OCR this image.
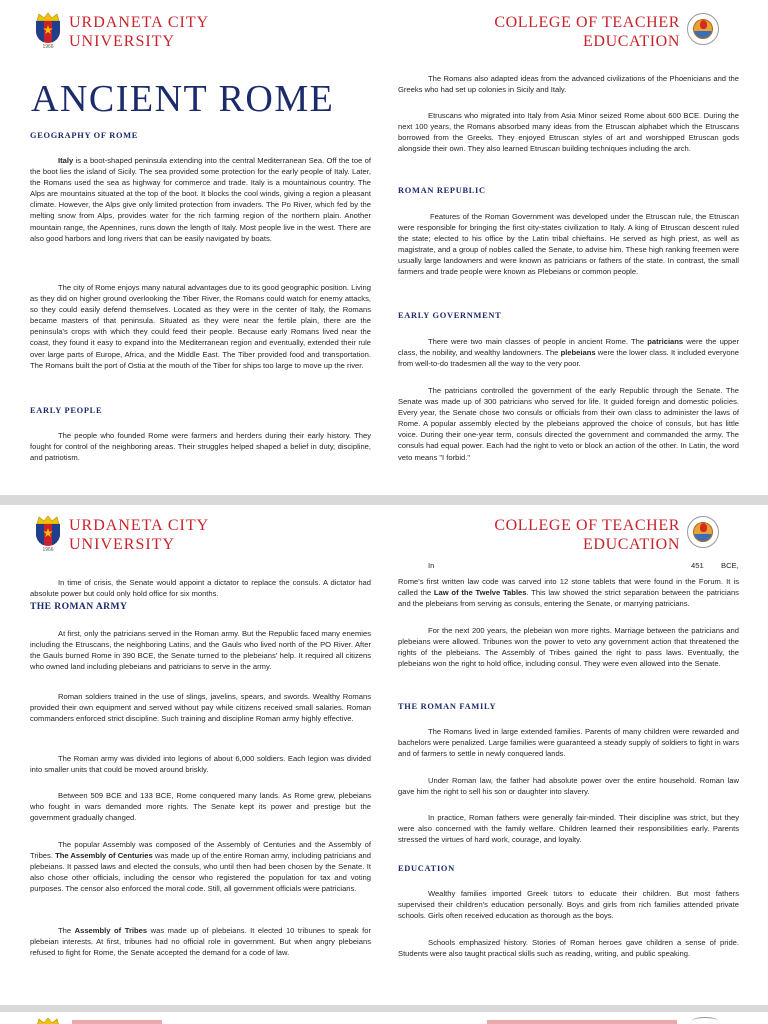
1966
URDANETA CITY
UNIVERSITY
COLLEGE OF TEACHER
EDUCATION
ANCIENT ROME
GEOGRAPHY OF ROME

Italy is a boot-shaped peninsula extending into the central Mediterranean Sea. Off the toe of the boot lies the island of Sicily. The sea provided some protection for the early people of Italy. Later, the Romans used the sea as highway for commerce and trade. Italy is a mountainous country. The Alps are mountains situated at the top of the boot. It blocks the cool winds, giving a region a pleasant climate. However, the Alps give only limited protection from invaders. The Po River, which fed by the melting snow from Alps, provides water for the rich farming region of the northern plain. Another mountain range, the Apennines, runs down the length of Italy. Most people live in the west. There are also good harbors and long rivers that can be easily navigated by boats.

The city of Rome enjoys many natural advantages due to its good geographic position. Living as they did on higher ground overlooking the Tiber River, the Romans could watch for enemy attacks, so they could easily defend themselves. Located as they were in the center of Italy, the Romans became masters of that peninsula. Situated as they were near the fertile plain, there are the peninsula's crops with which they could feed their people. Because early Romans lived near the coast, they found it easy to expand into the Mediterranean region and eventually, extended their rule over large parts of Europe, Africa, and the Middle East. The Tiber provided food and transportation. The Romans built the port of Ostia at the mouth of the Tiber for ships too large to move up the river.

EARLY PEOPLE

The people who founded Rome were farmers and herders during their early history. They fought for control of the neighboring areas. Their struggles helped shaped a belief in duty, discipline, and patriotism.

The Romans also adapted ideas from the advanced civilizations of the Phoenicians and the Greeks who had set up colonies in Sicily and Italy.

Etruscans who migrated into Italy from Asia Minor seized Rome about 600 BCE. During the next 100 years, the Romans absorbed many ideas from the Etruscan alphabet which the Etruscans borrowed from the Greeks. They enjoyed Etruscan styles of art and worshipped Etruscan gods alongside their own. They also learned Etruscan building techniques including the arch.

ROMAN REPUBLIC

Features of the Roman Government was developed under the Etruscan rule, the Etruscan were responsible for bringing the first city-states civilization to Italy. A king of Etruscan descent ruled the state; elected to his office by the Latin tribal chieftains. He served as high priest, as well as magistrate, and a group of nobles called the Senate, to advise him. These high ranking freemen were usually large landowners and were known as patricians or fathers of the state. In contrast, the small farmers and trade people were known as Plebeians or common people.

EARLY GOVERNMENT

There were two main classes of people in ancient Rome. The patricians were the upper class, the nobility, and wealthy landowners. The plebeians were the lower class. It included everyone from well-to-do tradesmen all the way to the very poor.

The patricians controlled the government of the early Republic through the Senate. The Senate was made up of 300 patricians who served for life. It guided foreign and domestic policies. Every year, the Senate chose two consuls or officials from their own class to administer the laws of Rome. A popular assembly elected by the plebeians approved the choice of consuls, but has little voice. During their one-year term, consuls directed the government and commanded the army. The consuls had equal power. Each had the right to veto or block an action of the other. In Latin, the word veto means "I forbid."

1966
URDANETA CITY
UNIVERSITY
COLLEGE OF TEACHER
EDUCATION

In time of crisis, the Senate would appoint a dictator to replace the consuls. A dictator had absolute power but could only hold office for six months.

THE ROMAN ARMY

At first, only the patricians served in the Roman army. But the Republic faced many enemies including the Etruscans, the neighboring Latins, and the Gauls who lived north of the PO River. After the Gauls burned Rome in 390 BCE, the Senate turned to the plebeians' help. It required all citizens who owned land including plebeians and patricians to serve in the army.

Roman soldiers trained in the use of slings, javelins, spears, and swords. Wealthy Romans provided their own equipment and served without pay while citizens received small salaries. Roman commanders enforced strict discipline. Such training and discipline Roman army highly effective.

The Roman army was divided into legions of about 6,000 soldiers. Each legion was divided into smaller units that could be moved around briskly.

Between 509 BCE and 133 BCE, Rome conquered many lands. As Rome grew, plebeians who fought in wars demanded more rights. The Senate kept its power and prestige but the government gradually changed.

The popular Assembly was composed of the Assembly of Centuries and the Assembly of Tribes. The Assembly of Centuries was made up of the entire Roman army, including patricians and plebeians. It passed laws and elected the consuls, who until then had been chosen by the Senate. It also chose other officials, including the censor who registered the population for tax and voting purposes. The censor also enforced the moral code. Still, all government officials were patricians.

The Assembly of Tribes was made up of plebeians. It elected 10 tribunes to speak for plebeian interests. At first, tribunes had no official role in government. But when angry plebeians refused to fight for Rome, the Senate accepted the demand for a code of law.

In	451 BCE,

Rome's first written law code was carved into 12 stone tablets that were found in the Forum. It is called the Law of the Twelve Tables. This law showed the strict separation between the patricians and the plebeians from serving as consuls, entering the Senate, or marrying patricians.

For the next 200 years, the plebeian won more rights. Marriage between the patricians and plebeians were allowed. Tribunes won the power to veto any government action that threatened the rights of the plebeians. The Assembly of Tribes gained the right to pass laws. Eventually, the plebeians won the right to hold office, including consul. They were even allowed into the Senate.

THE ROMAN FAMILY

The Romans lived in large extended families. Parents of many children were rewarded and bachelors were penalized. Large families were guaranteed a steady supply of soldiers to fight in wars and of farmers to settle in newly conquered lands.

Under Roman law, the father had absolute power over the entire household. Roman law gave him the right to sell his son or daughter into slavery.

In practice, Roman fathers were generally fair-minded. Their discipline was strict, but they were also concerned with the family welfare. Children learned their responsibilities early. Parents stressed the virtues of hard work, courage, and loyalty.

EDUCATION

Wealthy families imported Greek tutors to educate their children. But most fathers supervised their children's education personally. Boys and girls from rich families attended private schools. Girls often received education as thorough as the boys.

Schools emphasized history. Stories of Roman heroes gave children a sense of pride. Students were also taught practical skills such as reading, writing, and public speaking.
